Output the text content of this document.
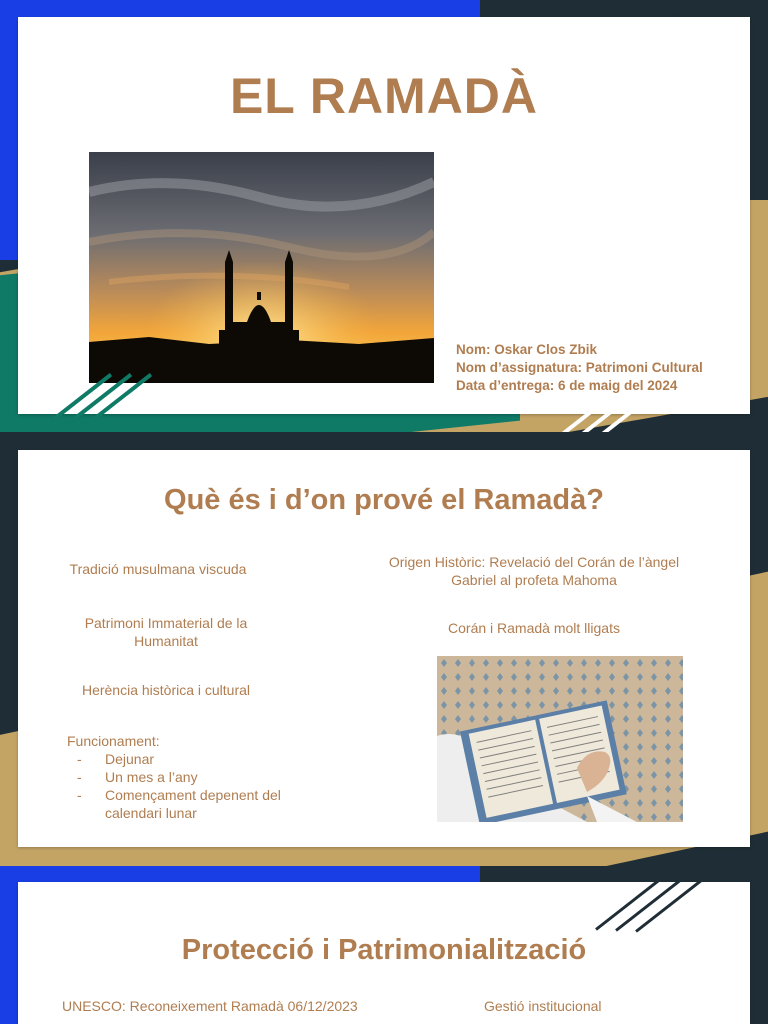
EL RAMADÀ
Nom: Oskar Clos Zbik
Nom d’assignatura: Patrimoni Cultural
Data d’entrega: 6 de maig del 2024
Què és i d’on prové el Ramadà?
Tradició musulmana viscuda
Patrimoni Immaterial de la Humanitat
Herència històrica i cultural
Funcionament:
- Dejunar
- Un mes a l’any
- Començament depenent del calendari lunar
Origen Històric: Revelació del Corán de l’àngel Gabriel al profeta Mahoma
Corán i Ramadà molt lligats
Protecció i Patrimonialització
UNESCO: Reconeixement Ramadà 06/12/2023	Gestió institucional
